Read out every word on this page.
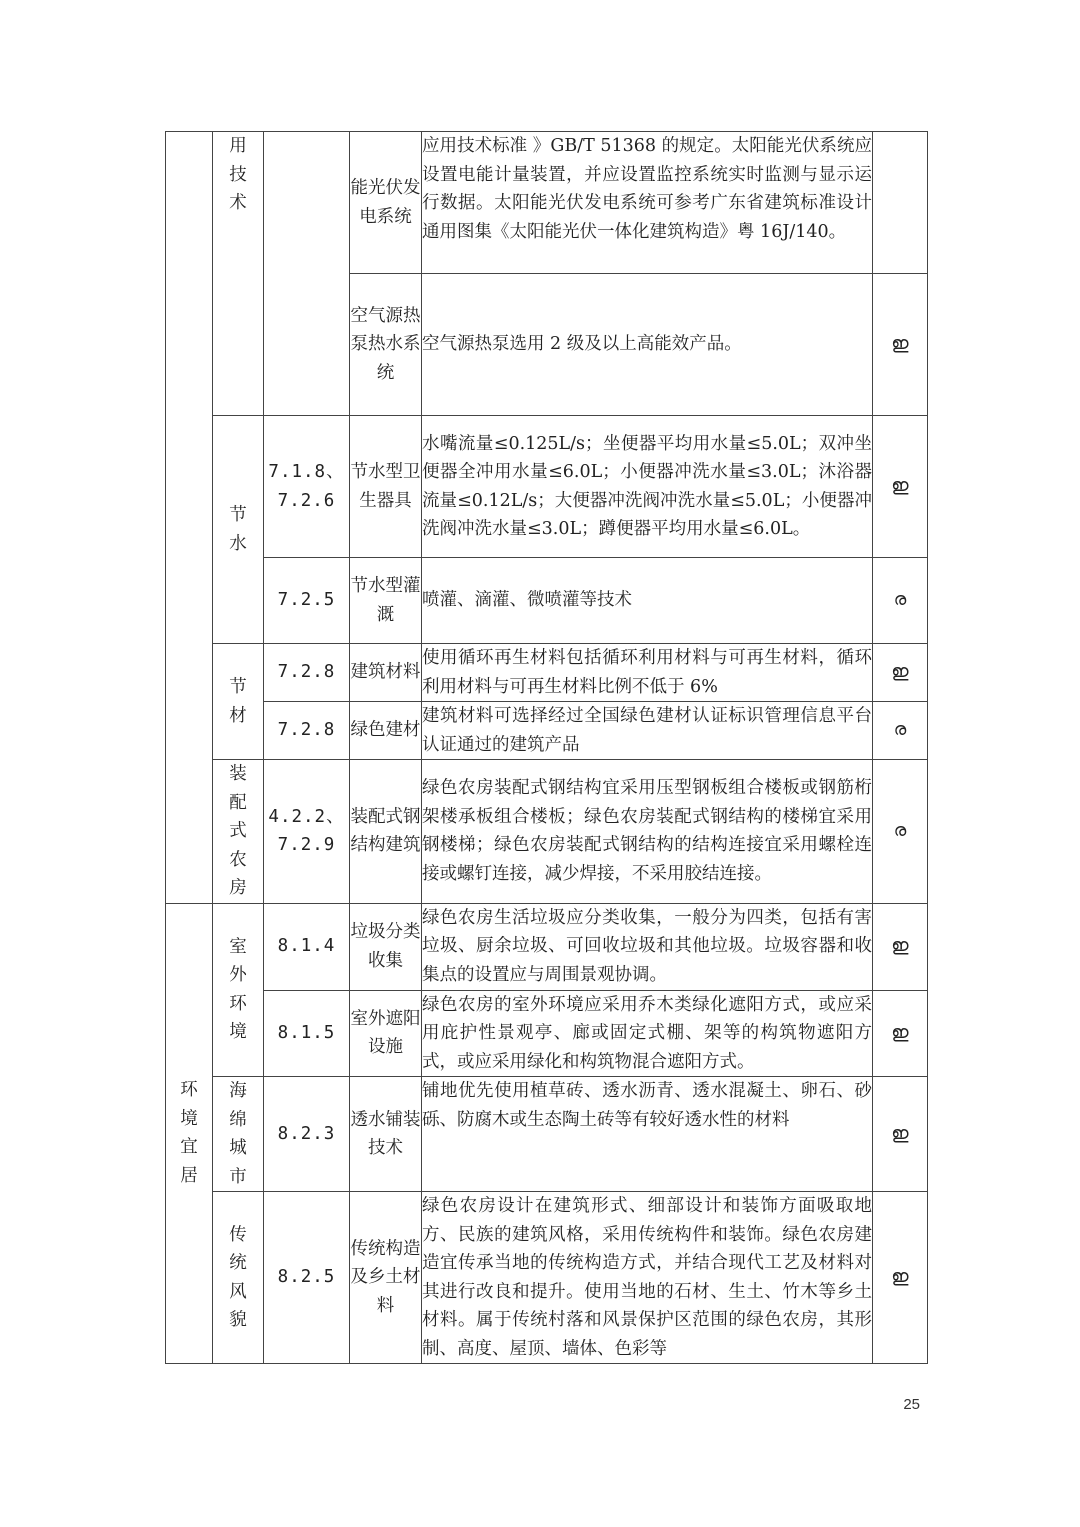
	用技术		能光伏发电系统	应用技术标准 》GB/T 51368 的规定。太阳能光伏系统应设置电能计量装置，并应设置监控系统实时监测与显示运行数据。太阳能光伏发电系统可参考广东省建筑标准设计通用图集《太阳能光伏一体化建筑构造》粤 16J/140。	
			空气源热泵热水系统	空气源热泵选用 2 级及以上高能效产品。	ഇ
	节水	7.1.8、7.2.6	节水型卫生器具	水嘴流量≤0.125L/s；坐便器平均用水量≤5.0L；双冲坐便器全冲用水量≤6.0L；小便器冲洗水量≤3.0L；沐浴器流量≤0.12L/s；大便器冲洗阀冲洗水量≤5.0L；小便器冲洗阀冲洗水量≤3.0L；蹲便器平均用水量≤6.0L。	ഇ
		7.2.5	节水型灌溉	喷灌、滴灌、微喷灌等技术	ര
	节材	7.2.8	建筑材料	使用循环再生材料包括循环利用材料与可再生材料，循环利用材料与可再生材料比例不低于 6%	ഇ
		7.2.8	绿色建材	建筑材料可选择经过全国绿色建材认证标识管理信息平台认证通过的建筑产品	ര
	装配式农房	4.2.2、7.2.9	装配式钢结构建筑	绿色农房装配式钢结构宜采用压型钢板组合楼板或钢筋桁架楼承板组合楼板；绿色农房装配式钢结构的楼梯宜采用钢楼梯；绿色农房装配式钢结构的结构连接宜采用螺栓连接或螺钉连接，减少焊接，不采用胶结连接。	ര
环境宜居	室外环境	8.1.4	垃圾分类收集	绿色农房生活垃圾应分类收集，一般分为四类，包括有害垃圾、厨余垃圾、可回收垃圾和其他垃圾。垃圾容器和收集点的设置应与周围景观协调。	ഇ
		8.1.5	室外遮阳设施	绿色农房的室外环境应采用乔木类绿化遮阳方式，或应采用庇护性景观亭、廊或固定式棚、架等的构筑物遮阳方式，或应采用绿化和构筑物混合遮阳方式。	ഇ
	海绵城市	8.2.3	透水铺装技术	铺地优先使用植草砖、透水沥青、透水混凝土、卵石、砂砾、防腐木或生态陶土砖等有较好透水性的材料	ഇ
	传统风貌	8.2.5	传统构造及乡土材料	绿色农房设计在建筑形式、细部设计和装饰方面吸取地方、民族的建筑风格，采用传统构件和装饰。绿色农房建造宜传承当地的传统构造方式，并结合现代工艺及材料对其进行改良和提升。使用当地的石材、生土、竹木等乡土材料。属于传统村落和风景保护区范围的绿色农房，其形制、高度、屋顶、墙体、色彩等	ഇ
25
